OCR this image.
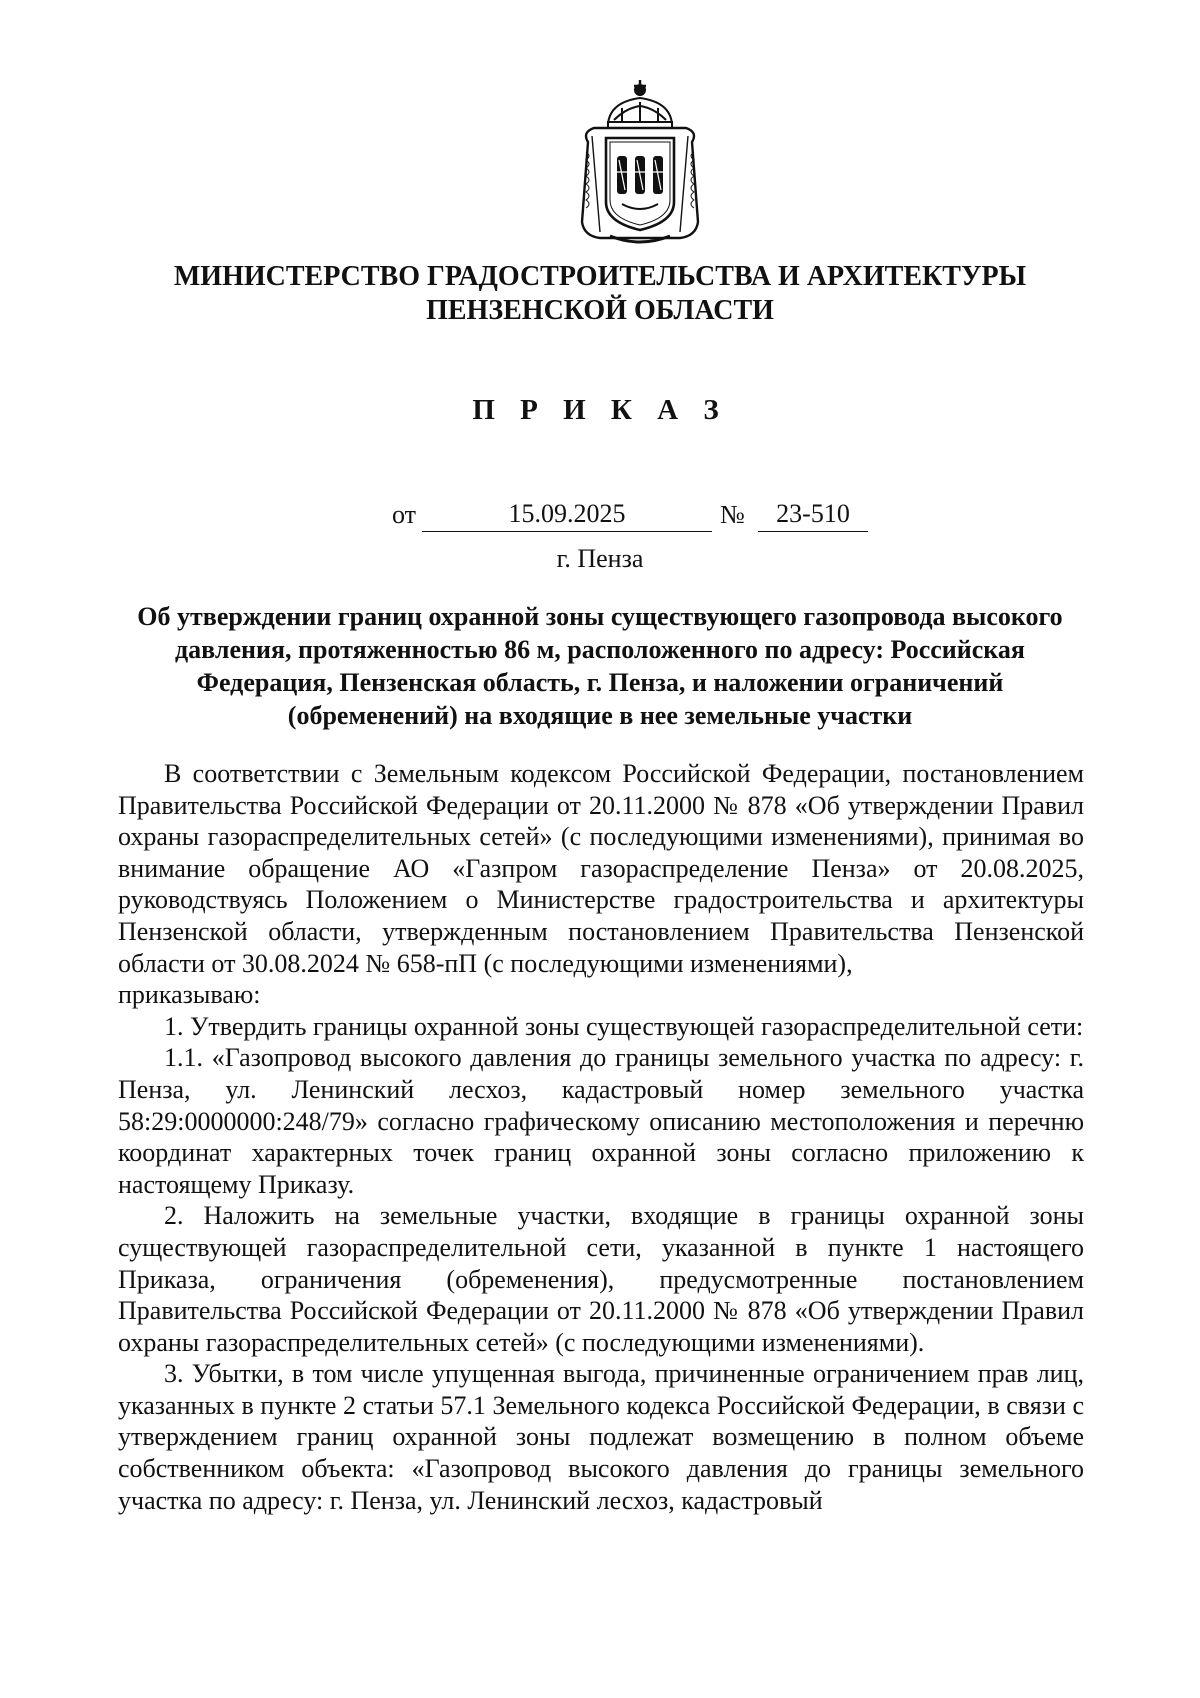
МИНИСТЕРСТВО ГРАДОСТРОИТЕЛЬСТВА И АРХИТЕКТУРЫ
ПЕНЗЕНСКОЙ ОБЛАСТИ
П Р И К А З
от	15.09.2025	№	23-510
г. Пенза
Об утверждении границ охранной зоны существующего газопровода высокого
давления, протяженностью 86 м, расположенного по адресу: Российская
Федерация, Пензенская область, г. Пенза, и наложении ограничений
(обременений) на входящие в нее земельные участки

В соответствии с Земельным кодексом Российской Федерации, постановлением Правительства Российской Федерации от 20.11.2000 № 878 «Об утверждении Правил охраны газораспределительных сетей» (с последующими изменениями), принимая во внимание обращение АО «Газпром газораспределение Пенза» от 20.08.2025, руководствуясь Положением о Министерстве градостроительства и архитектуры Пензенской области, утвержденным постановлением Правительства Пензенской области от 30.08.2024 № 658-пП (с последующими изменениями),

приказываю:

1. Утвердить границы охранной зоны существующей газораспределительной сети:

1.1. «Газопровод высокого давления до границы земельного участка по адресу: г. Пенза, ул. Ленинский лесхоз, кадастровый номер земельного участка 58:29:0000000:248/79» согласно графическому описанию местоположения и перечню координат характерных точек границ охранной зоны согласно приложению к настоящему Приказу.

2. Наложить на земельные участки, входящие в границы охранной зоны существующей газораспределительной сети, указанной в пункте 1 настоящего Приказа, ограничения (обременения), предусмотренные постановлением Правительства Российской Федерации от 20.11.2000 № 878 «Об утверждении Правил охраны газораспределительных сетей» (с последующими изменениями).

3. Убытки, в том числе упущенная выгода, причиненные ограничением прав лиц, указанных в пункте 2 статьи 57.1 Земельного кодекса Российской Федерации, в связи с утверждением границ охранной зоны подлежат возмещению в полном объеме собственником объекта: «Газопровод высокого давления до границы земельного участка по адресу: г. Пенза, ул. Ленинский лесхоз, кадастровый
